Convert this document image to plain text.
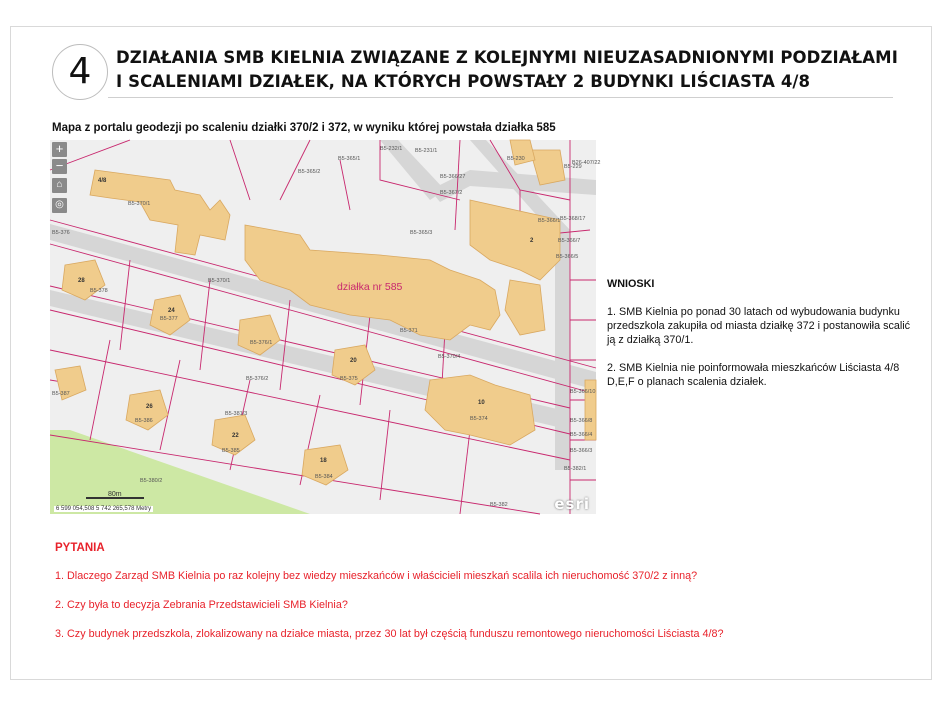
4	DZIAŁANIA SMB KIELNIA ZWIĄZANE Z KOLEJNYMI NIEUZASADNIONYMI PODZIAŁAMI
I SCALENIAMI DZIAŁEK, NA KTÓRYCH POWSTAŁY 2 BUDYNKI LIŚCIASTA 4/8
Mapa z portalu geodezji po scaleniu działki 370/2 i 372, w wyniku której powstała działka 585
działka nr 585
B5-370/1
B5-365/2
B5-365/1
B5-232/1 B5-231/1
B5-230
B5-229
B26-407/22
B5-366/27
B5-367/2
B5-366/1 B5-368/17
B5-366/7
B5-366/5
B5-365/3
B5-376
B5-370/1
B5-371
B5-370/4
B5-378
B5-377
B5-376/1
B5-376/2	B5-375
B5-374
B5-387
B5-386
B5-381/3
B5-385
B5-384
B5-380/2
B5-382
B5-366/10
B5-366/8
B5-366/4
B5-366/3
B5-382/1
4/8
28
26
24
22
18
10
2
20
+
−
⌂
◎
80m
6 599 054,508 5 742 265,578 Metry	esri
WNIOSKI

1. SMB Kielnia po ponad 30 latach od wybudowania budynku przedszkola zakupiła od miasta działkę 372 i postanowiła scalić ją z działką 370/1.

2. SMB Kielnia nie poinformowała mieszkańców Liściasta 4/8 D,E,F o planach scalenia działek.

PYTANIA
1. Dlaczego Zarząd SMB Kielnia po raz kolejny bez wiedzy mieszkańców i właścicieli mieszkań scalila ich nieruchomość 370/2 z inną?
2. Czy była to decyzja Zebrania Przedstawicieli SMB Kielnia?
3. Czy budynek przedszkola, zlokalizowany na działce miasta, przez 30 lat był częścią funduszu remontowego nieruchomości Liściasta 4/8?
